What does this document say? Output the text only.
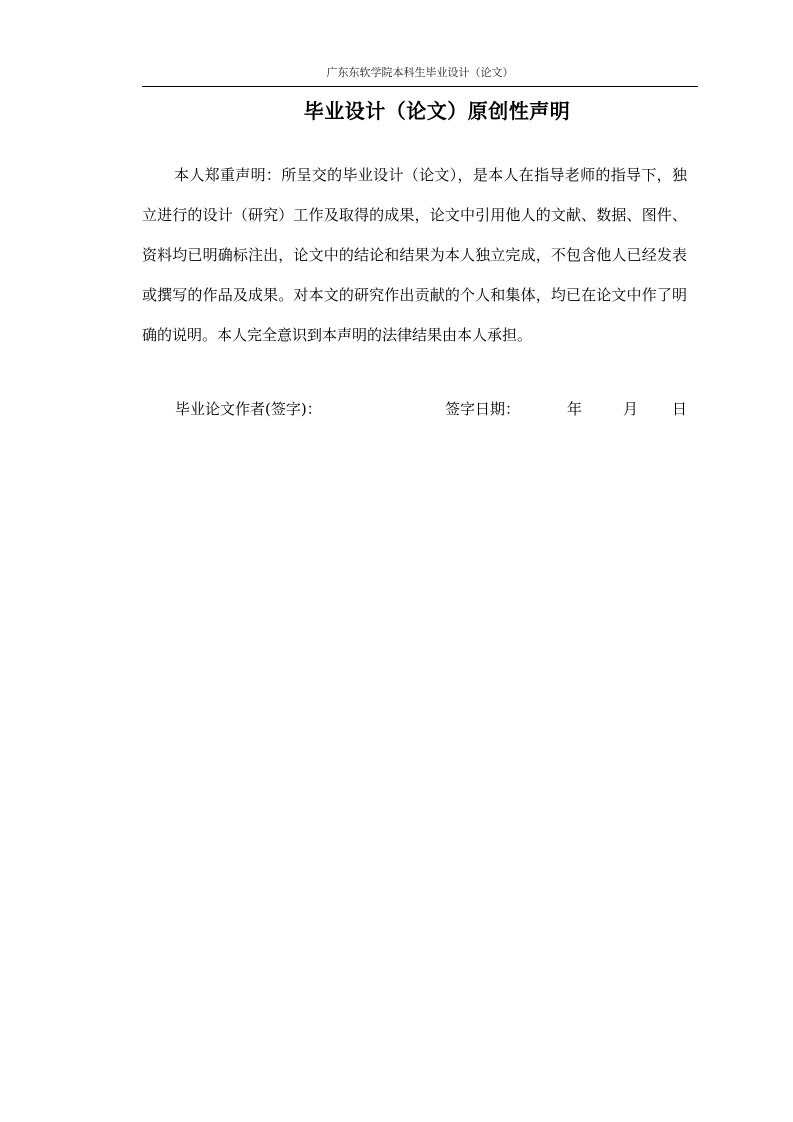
广东东软学院本科生毕业设计（论文）
毕业设计（论文）原创性声明

本人郑重声明：所呈交的毕业设计（论文），是本人在指导老师的指导下，独立进行的设计（研究）工作及取得的成果，论文中引用他人的文献、数据、图件、资料均已明确标注出，论文中的结论和结果为本人独立完成，不包含他人已经发表或撰写的作品及成果。对本文的研究作出贡献的个人和集体，均已在论文中作了明确的说明。本人完全意识到本声明的法律结果由本人承担。

毕业论文作者(签字)：	签字日期：	年	月 日
